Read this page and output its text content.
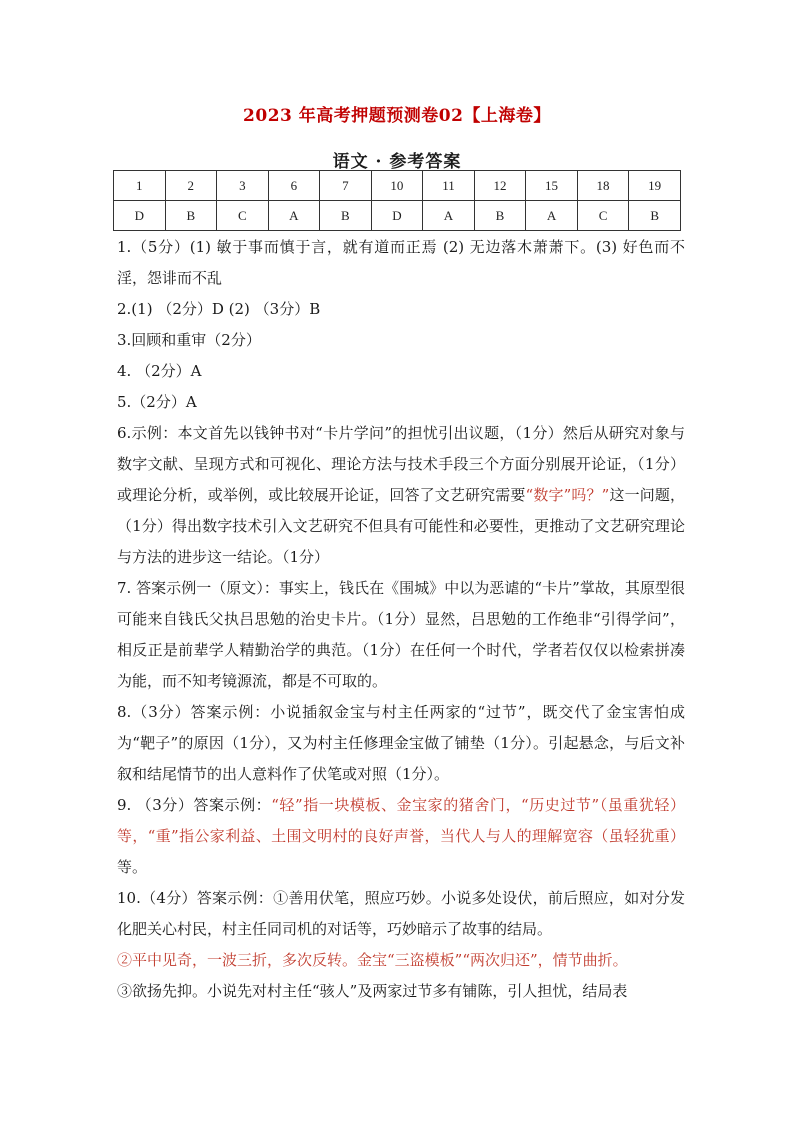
2023 年高考押题预测卷02【上海卷】
语文 · 参考答案
1	2	3	6	7	10	11	12	15	18	19
D	B	C	A	B	D	A	B	A	C	B

1.（5分）(1) 敏于事而慎于言，就有道而正焉 (2) 无边落木萧萧下。(3) 好色而不淫，怨诽而不乱

2.(1) （2分）D (2) （3分）B

3.回顾和重审（2分）

4. （2分）A

5.（2分）A

6.示例：本文首先以钱钟书对“卡片学问”的担忧引出议题，（1分）然后从研究对象与数字文献、呈现方式和可视化、理论方法与技术手段三个方面分别展开论证，（1分）或理论分析，或举例，或比较展开论证，回答了文艺研究需要“数字”吗？”这一问题，（1分）得出数字技术引入文艺研究不但具有可能性和必要性，更推动了文艺研究理论与方法的进步这一结论。（1分）

7. 答案示例一（原文）：事实上，钱氏在《围城》中以为恶谑的“卡片”掌故，其原型很可能来自钱氏父执吕思勉的治史卡片。（1分）显然，吕思勉的工作绝非“引得学问”，相反正是前辈学人精勤治学的典范。（1分）在任何一个时代，学者若仅仅以检索拼凑为能，而不知考镜源流，都是不可取的。

8.（3分）答案示例：小说插叙金宝与村主任两家的“过节”，既交代了金宝害怕成为“靶子”的原因（1分），又为村主任修理金宝做了铺垫（1分）。引起悬念，与后文补叙和结尾情节的出人意料作了伏笔或对照（1分）。

9. （3分）答案示例：“轻”指一块模板、金宝家的猪舍门，“历史过节”（虽重犹轻）等，“重”指公家利益、土围文明村的良好声誉，当代人与人的理解宽容（虽轻犹重）等。

10.（4分）答案示例：①善用伏笔，照应巧妙。小说多处设伏，前后照应，如对分发化肥关心村民，村主任同司机的对话等，巧妙暗示了故事的结局。

②平中见奇，一波三折，多次反转。金宝“三盗模板”“两次归还”，情节曲折。

③欲扬先抑。小说先对村主任“骇人”及两家过节多有铺陈，引人担忧，结局表
